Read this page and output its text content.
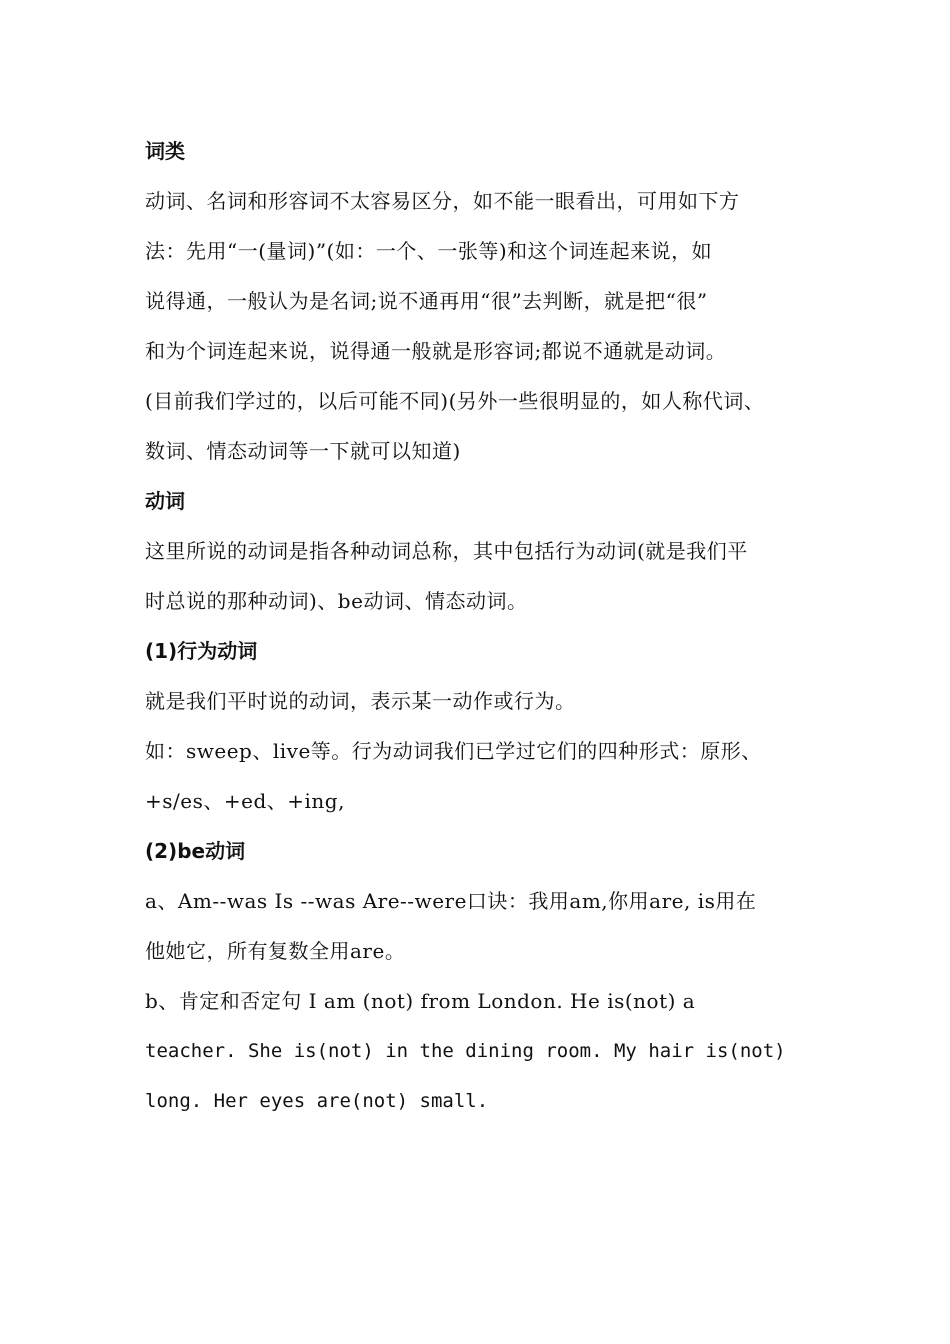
词类
动词、名词和形容词不太容易区分，如不能一眼看出，可用如下方
法：先用“一(量词)”(如：一个、一张等)和这个词连起来说，如
说得通，一般认为是名词;说不通再用“很”去判断，就是把“很”
和为个词连起来说，说得通一般就是形容词;都说不通就是动词。
(目前我们学过的，以后可能不同)(另外一些很明显的，如人称代词、
数词、情态动词等一下就可以知道)
动词
这里所说的动词是指各种动词总称，其中包括行为动词(就是我们平
时总说的那种动词)、be动词、情态动词。
(1)行为动词
就是我们平时说的动词，表示某一动作或行为。
如：sweep、live等。行为动词我们已学过它们的四种形式：原形、
+s/es、+ed、+ing,
(2)be动词
a、Am--was Is --was Are--were口诀：我用am,你用are, is用在
他她它，所有复数全用are。
b、肯定和否定句 I am (not) from London. He is(not) a
teacher. She is(not) in the dining room. My hair is(not)
long. Her eyes are(not) small.
